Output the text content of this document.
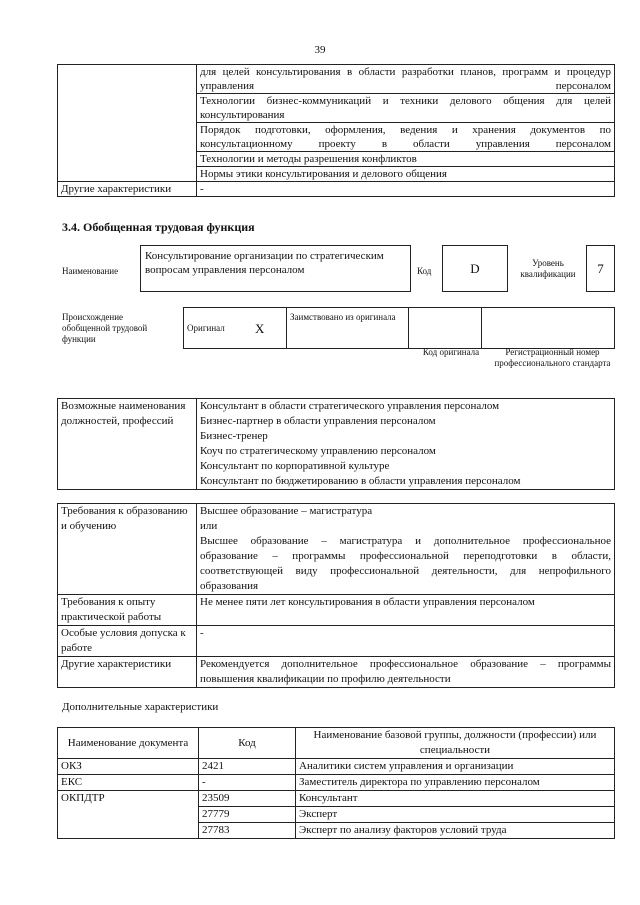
39
	для целей консультирования в области разработки планов, программ и процедур управления персоналом
	Технологии бизнес-коммуникаций и техники делового общения для целей консультирования
	Порядок подготовки, оформления, ведения и хранения документов по консультационному проекту в области управления персоналом
	Технологии и методы разрешения конфликтов
	Нормы этики консультирования и делового общения
Другие характеристики	-
3.4. Обобщенная трудовая функция
Наименование
Консультирование организации по стратегическим вопросам управления персоналом	Код	D	Уровень квалификации	7
Происхождение обобщенной трудовой функции
Оригинал	X	Заимствовано из оригинала		
Код оригинала	Регистрационный номер профессионального стандарта
Возможные наименования должностей, профессий	
Консультант в области стратегического управления персоналом
Бизнес-партнер в области управления персоналом
Бизнес-тренер
Коуч по стратегическому управлению персоналом
Консультант по корпоративной культуре
Консультант по бюджетированию в области управления персоналом
Требования к образованию и обучению	Высшее образование – магистратура
или
Высшее образование – магистратура и дополнительное профессиональное образование – программы профессиональной переподготовки в области, соответствующей виду профессиональной деятельности, для непрофильного образования

Требования к опыту практической работы	Не менее пяти лет консультирования в области управления персоналом
Особые условия допуска к работе	-
Другие характеристики	Рекомендуется дополнительное профессиональное образование – программы повышения квалификации по профилю деятельности
Дополнительные характеристики
Наименование документа	Код	Наименование базовой группы, должности (профессии) или специальности
ОКЗ	2421	Аналитики систем управления и организации
ЕКС	-	Заместитель директора по управлению персоналом
ОКПДТР	23509	Консультант
	27779	Эксперт
	27783	Эксперт по анализу факторов условий труда
